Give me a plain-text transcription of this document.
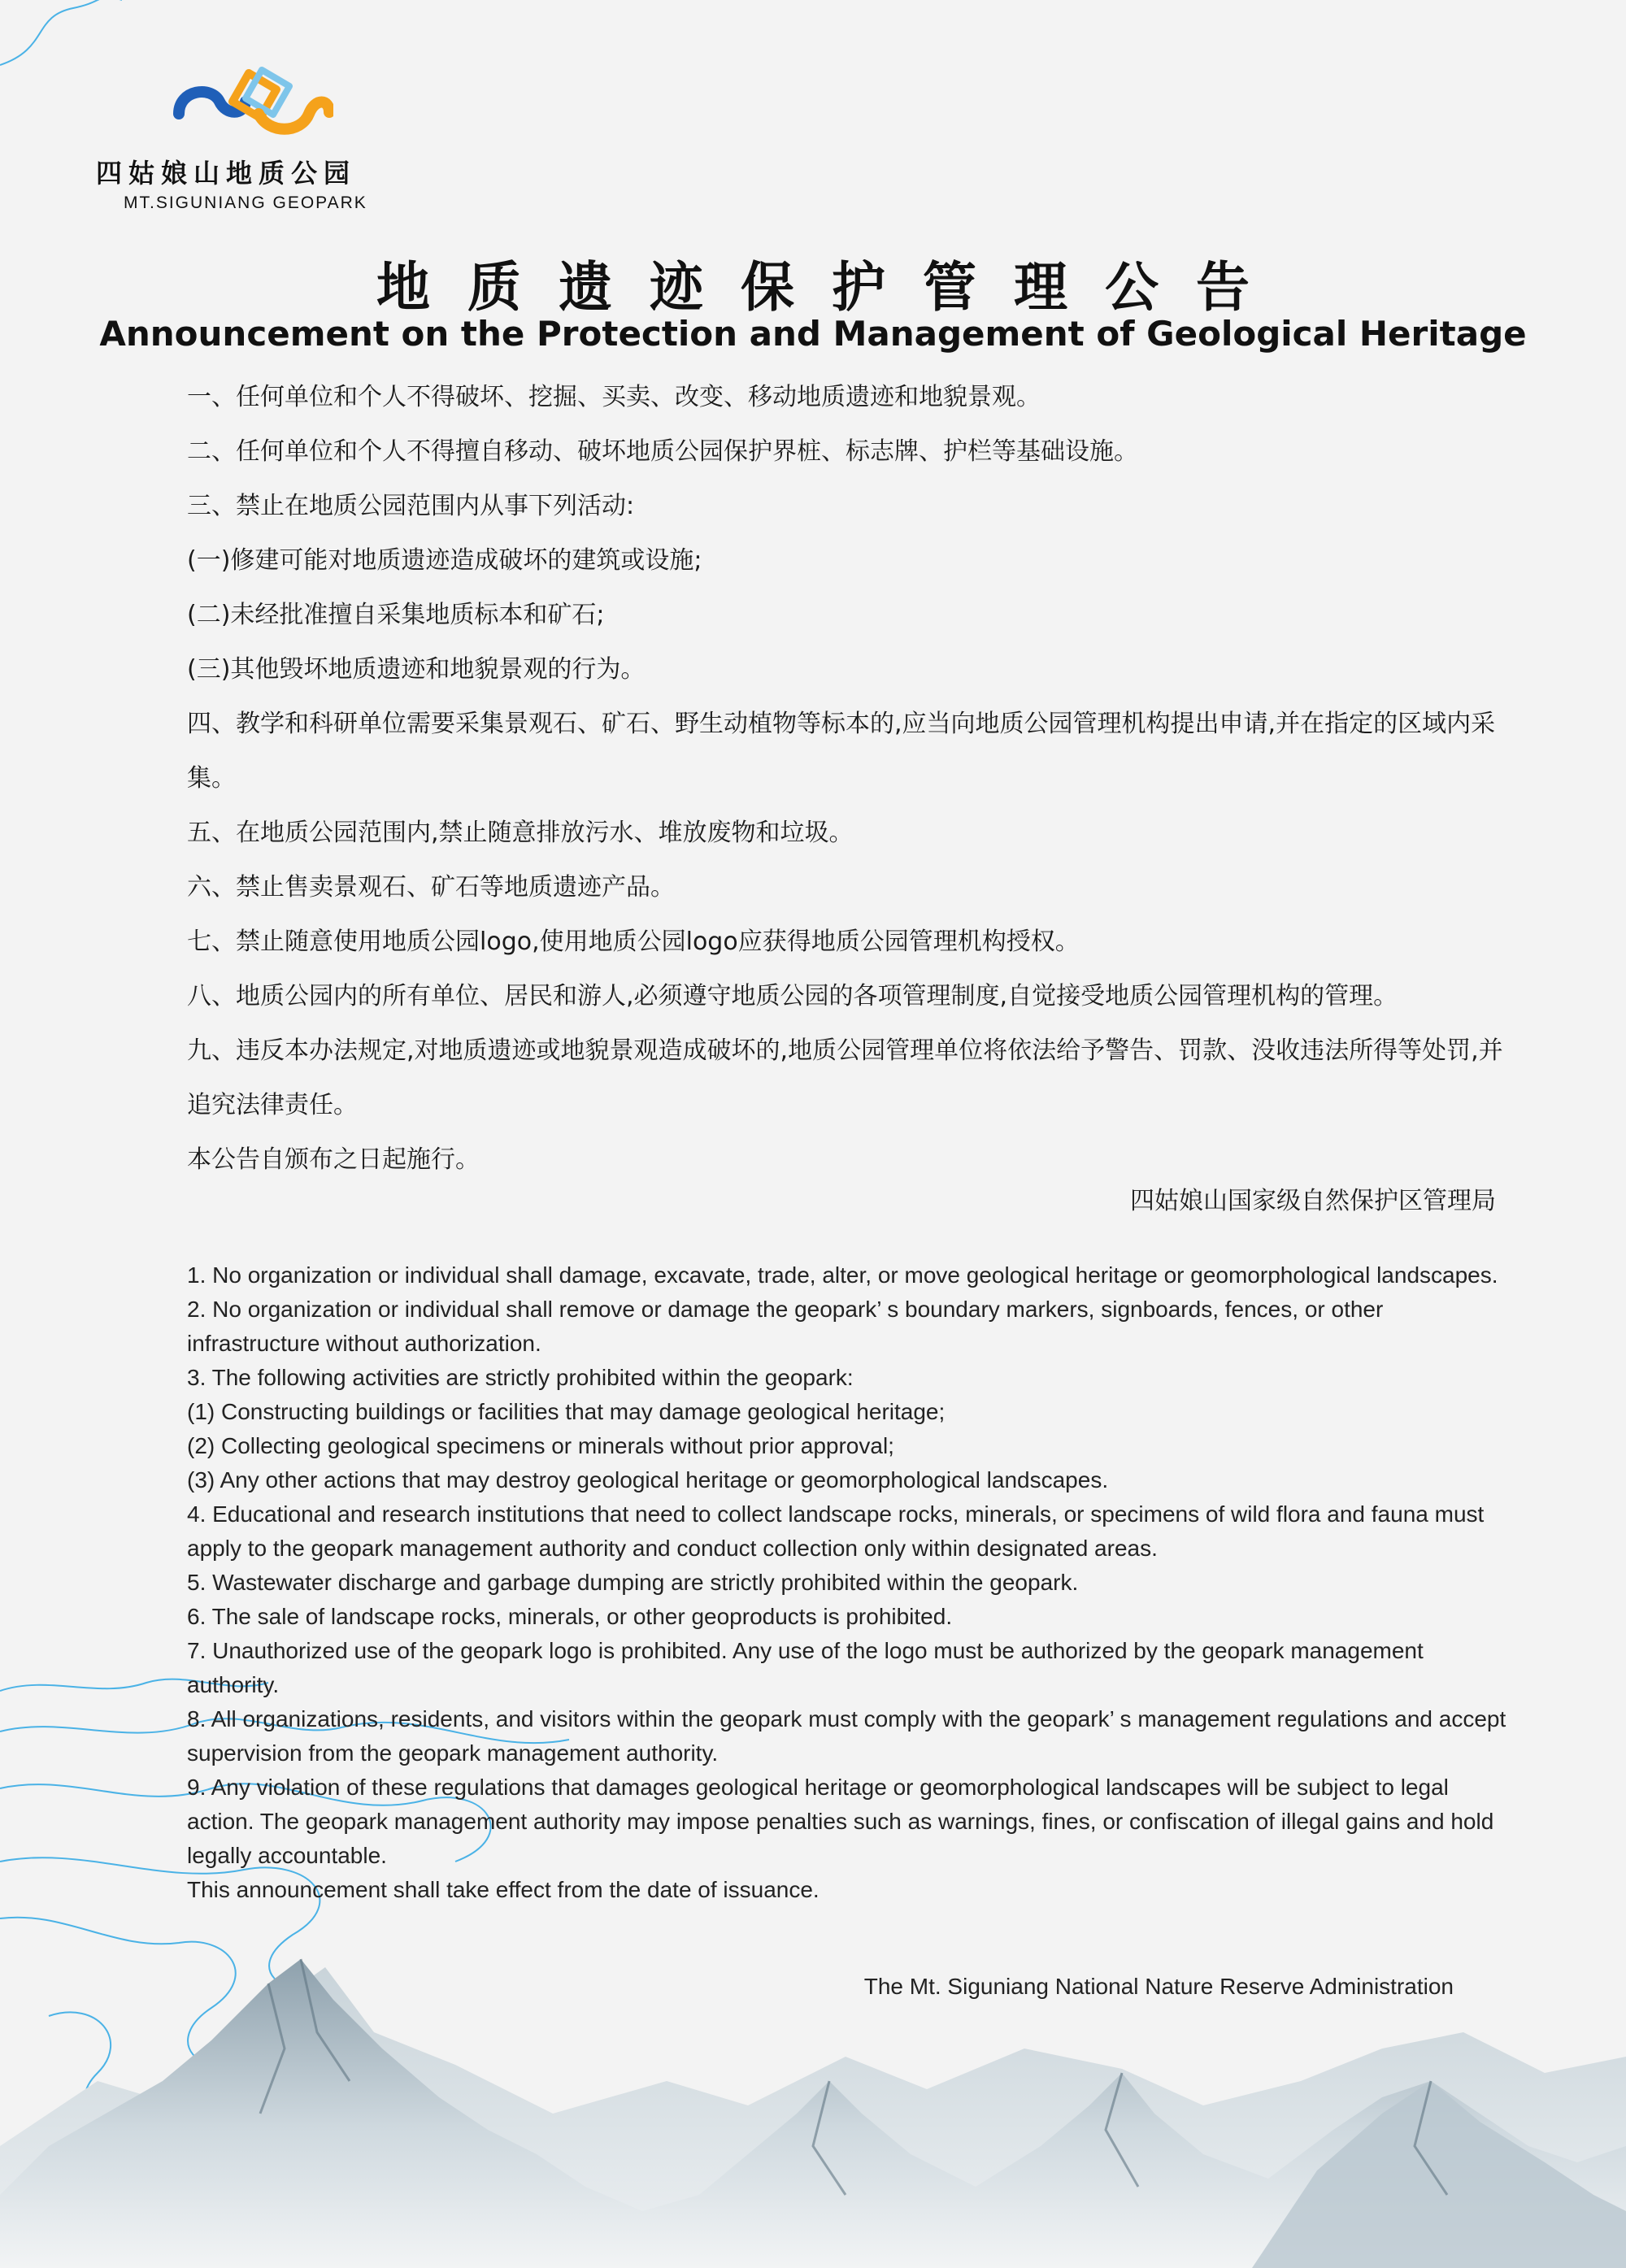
四姑娘山地质公园
MT.SIGUNIANG GEOPARK
地质遗迹保护管理公告
Announcement on the Protection and Management of Geological Heritage

一、任何单位和个人不得破坏、挖掘、买卖、改变、移动地质遗迹和地貌景观。

二、任何单位和个人不得擅自移动、破坏地质公园保护界桩、标志牌、护栏等基础设施。

三、禁止在地质公园范围内从事下列活动:

(一)修建可能对地质遗迹造成破坏的建筑或设施;

(二)未经批准擅自采集地质标本和矿石;

(三)其他毁坏地质遗迹和地貌景观的行为。

四、教学和科研单位需要采集景观石、矿石、野生动植物等标本的,应当向地质公园管理机构提出申请,并在指定的区域内采集。

五、在地质公园范围内,禁止随意排放污水、堆放废物和垃圾。

六、禁止售卖景观石、矿石等地质遗迹产品。

七、禁止随意使用地质公园logo,使用地质公园logo应获得地质公园管理机构授权。

八、地质公园内的所有单位、居民和游人,必须遵守地质公园的各项管理制度,自觉接受地质公园管理机构的管理。

九、违反本办法规定,对地质遗迹或地貌景观造成破坏的,地质公园管理单位将依法给予警告、罚款、没收违法所得等处罚,并追究法律责任。

本公告自颁布之日起施行。

四姑娘山国家级自然保护区管理局

1. No organization or individual shall damage, excavate, trade, alter, or move geological heritage or geomorphological landscapes.

2. No organization or individual shall remove or damage the geopark’ s boundary markers, signboards, fences, or other infrastructure without authorization.

3. The following activities are strictly prohibited within the geopark:

(1) Constructing buildings or facilities that may damage geological heritage;

(2) Collecting geological specimens or minerals without prior approval;

(3) Any other actions that may destroy geological heritage or geomorphological landscapes.

4. Educational and research institutions that need to collect landscape rocks, minerals, or specimens of wild flora and fauna must apply to the geopark management authority and conduct collection only within designated areas.

5. Wastewater discharge and garbage dumping are strictly prohibited within the geopark.

6. The sale of landscape rocks, minerals, or other geoproducts is prohibited.

7. Unauthorized use of the geopark logo is prohibited. Any use of the logo must be authorized by the geopark management authority.

8. All organizations, residents, and visitors within the geopark must comply with the geopark’ s management regulations and accept supervision from the geopark management authority.

9. Any violation of these regulations that damages geological heritage or geomorphological landscapes will be subject to legal action. The geopark management authority may impose penalties such as warnings, fines, or confiscation of illegal gains and hold legally accountable.

This announcement shall take effect from the date of issuance.

The Mt. Siguniang National Nature Reserve Administration
